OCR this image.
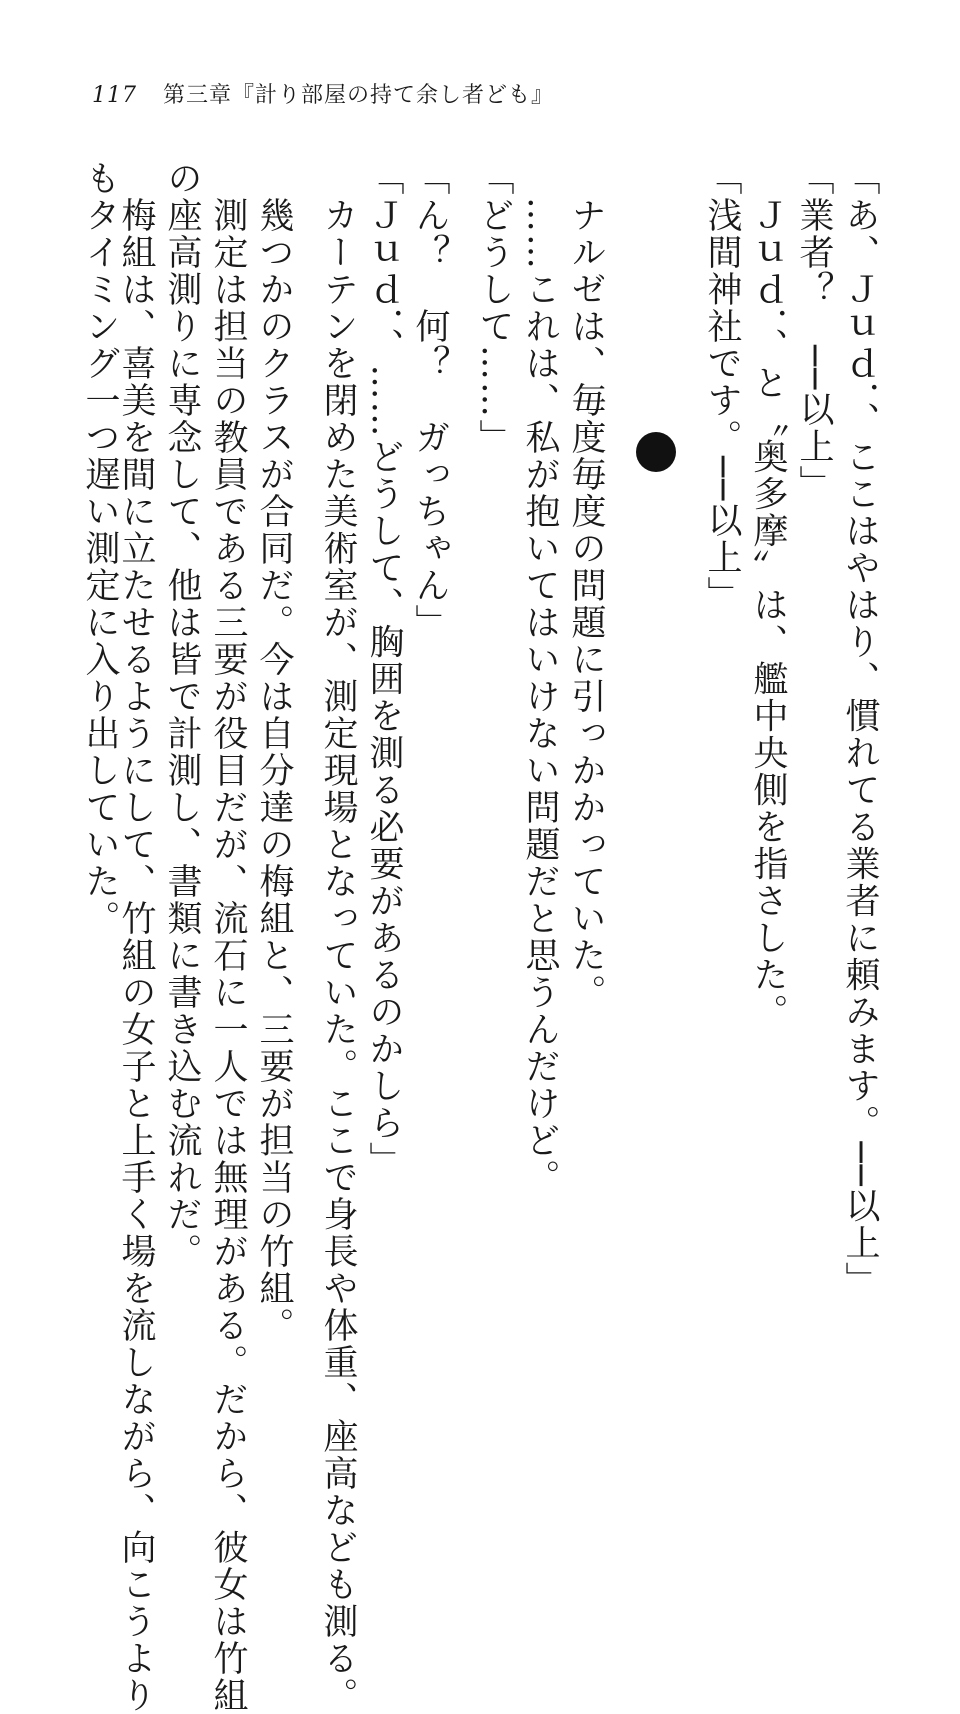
117 第三章『計り部屋の持て余し者ども』
「あ、Ｊｕｄ．、ここはやはり、慣れてる業者に頼みます。──以上」
「業者？　──以上」
　Ｊｕｄ．、と〝奥多摩〟は、艦中央側を指さした。
「浅間神社です。──以上」
　ナルゼは、毎度毎度の問題に引っかかっていた。
　……これは、私が抱いてはいけない問題だと思うんだけど。
「どうして……」
「ん？　何？　ガっちゃん」
「Ｊｕｄ．、……どうして、胸囲を測る必要があるのかしら」
　カーテンを閉めた美術室が、測定現場となっていた。ここで身長や体重、座高なども測る。
　幾つかのクラスが合同だ。今は自分達の梅組と、三要が担当の竹組。
　測定は担当の教員である三要が役目だが、流石に一人では無理がある。だから、彼女は竹組
の座高測りに専念して、他は皆で計測し、書類に書き込む流れだ。
　梅組は、喜美を間に立たせるようにして、竹組の女子と上手く場を流しながら、向こうより
もタイミング一つ遅い測定に入り出していた。
